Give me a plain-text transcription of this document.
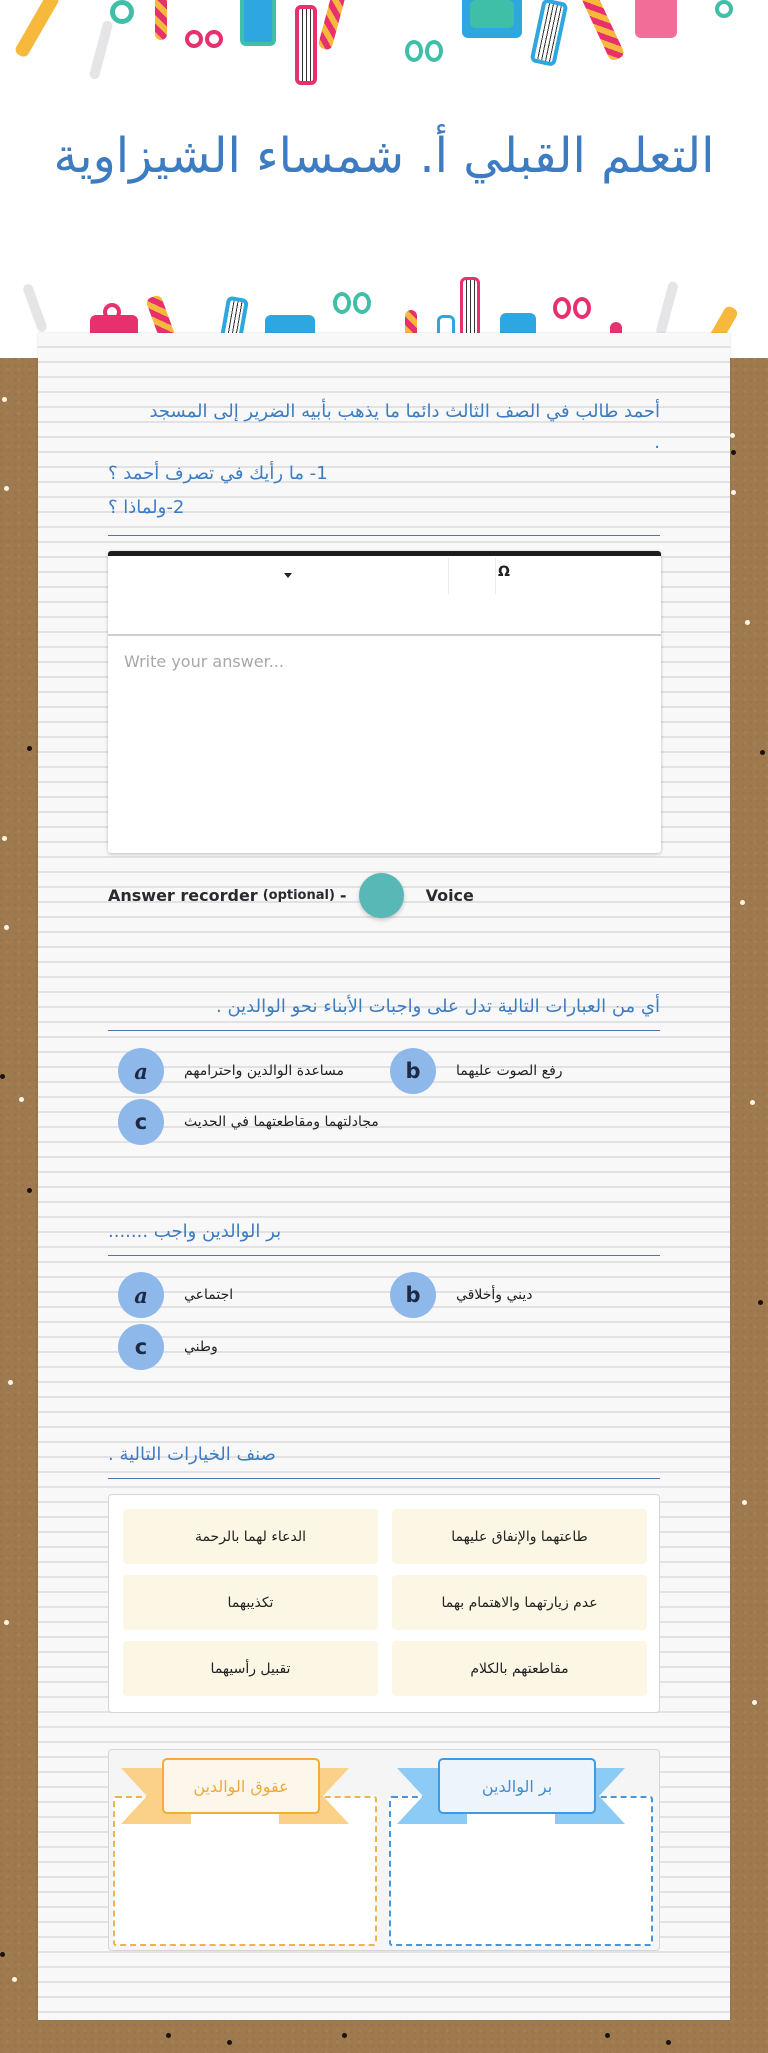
التعلم القبلي أ. شمساء الشيزاوية
أحمد طالب في الصف الثالث دائما ما يذهب بأبيه الضرير إلى المسجد
.
1- ما رأيك في تصرف أحمد ؟
2-ولماذا ؟
Ω
Write your answer...
Answer recorder (optional) -	Voice
أي من العبارات التالية تدل على واجبات الأبناء نحو الوالدين .
a	مساعدة الوالدين واحترامهم	b	رفع الصوت عليهما
c	مجادلتهما ومقاطعتهما في الحديث
بر الوالدين واجب .......
a	اجتماعي	b	ديني وأخلاقي
c	وطني
صنف الخيارات التالية .
الدعاء لهما بالرحمة	طاعتهما والإنفاق عليهما
تكذيبهما	عدم زيارتهما والاهتمام بهما
تقبيل رأسيهما	مقاطعتهم بالكلام
عقوق الوالدين	بر الوالدين
